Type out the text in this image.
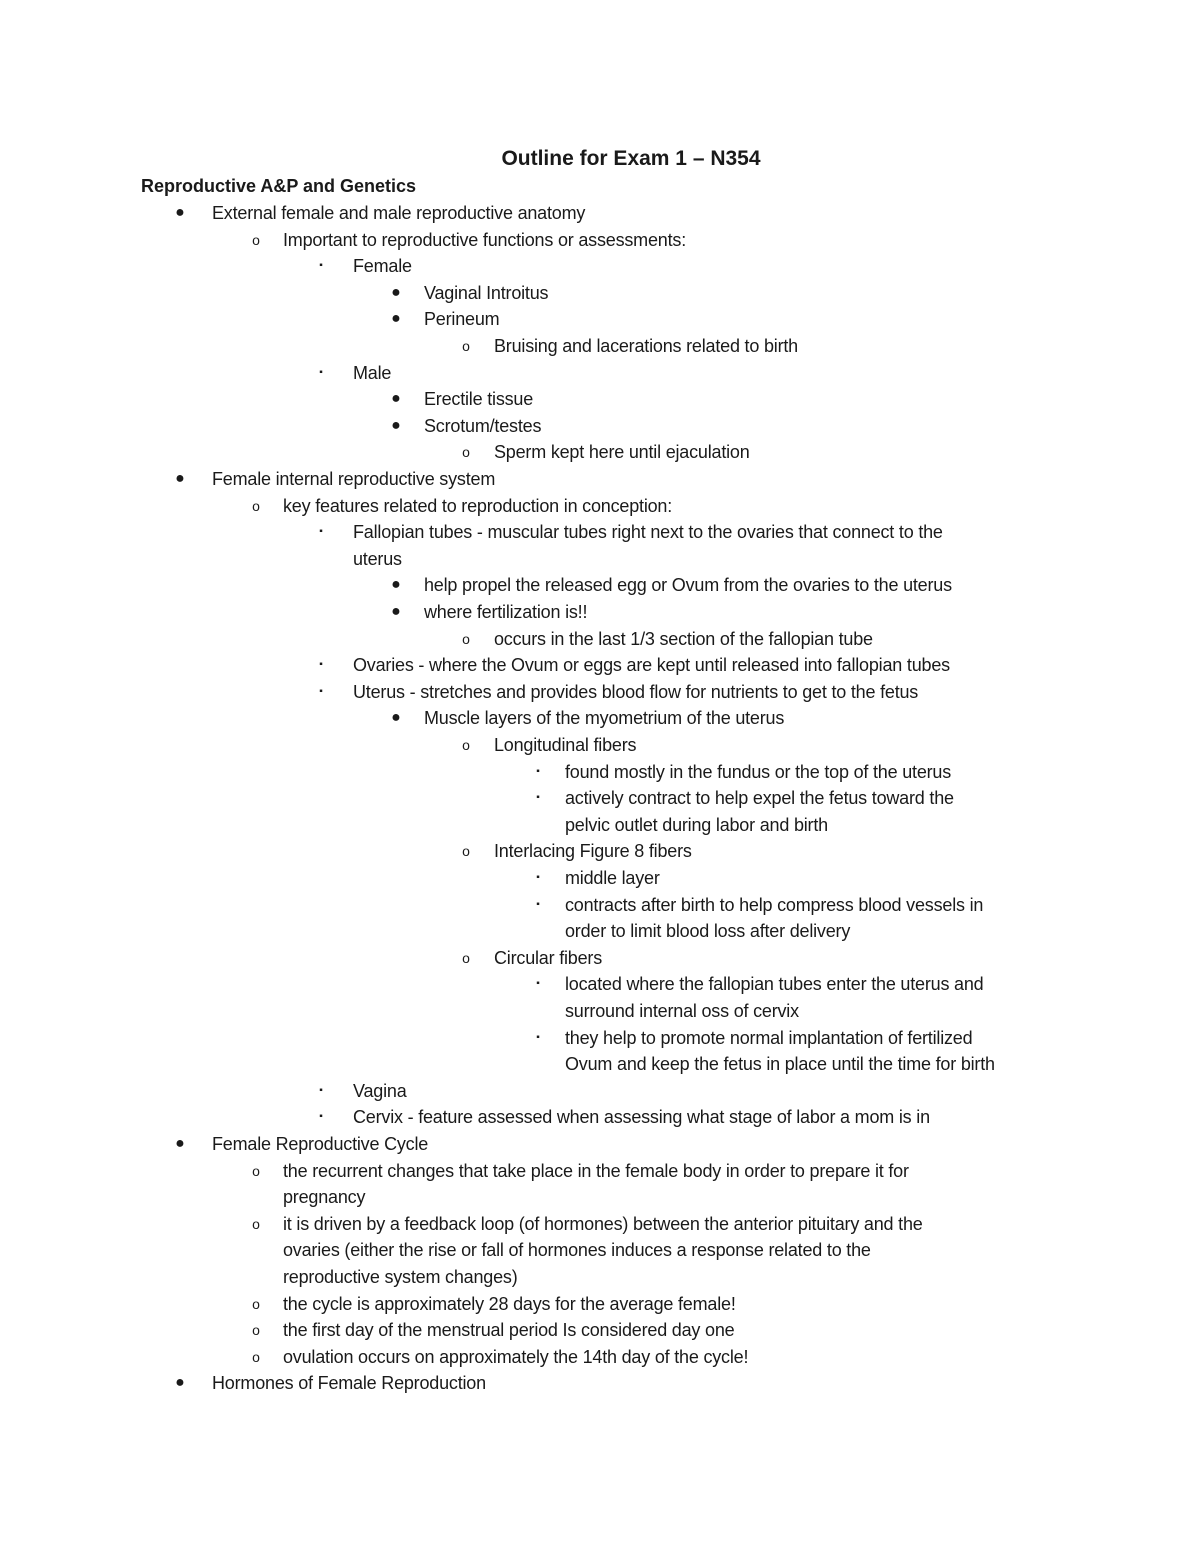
Outline for Exam 1 – N354
Reproductive A&P and Genetics
● External female and male reproductive anatomy
o	Important to reproductive functions or assessments:
▪	Female
● Vaginal Introitus
● Perineum
o	Bruising and lacerations related to birth
▪	Male
● Erectile tissue
● Scrotum/testes
o	Sperm kept here until ejaculation
● Female internal reproductive system
o	key features related to reproduction in conception:
▪	Fallopian tubes - muscular tubes right next to the ovaries that connect to the
uterus
● help propel the released egg or Ovum from the ovaries to the uterus
● where fertilization is!!
o	occurs in the last 1/3 section of the fallopian tube
▪	Ovaries - where the Ovum or eggs are kept until released into fallopian tubes
▪	Uterus - stretches and provides blood flow for nutrients to get to the fetus
● Muscle layers of the myometrium of the uterus
o	Longitudinal fibers
▪	found mostly in the fundus or the top of the uterus
▪	actively contract to help expel the fetus toward the
pelvic outlet during labor and birth
o	Interlacing Figure 8 fibers
▪	middle layer
▪	contracts after birth to help compress blood vessels in
order to limit blood loss after delivery
o	Circular fibers
▪	located where the fallopian tubes enter the uterus and
surround internal oss of cervix
▪	they help to promote normal implantation of fertilized
Ovum and keep the fetus in place until the time for birth
▪	Vagina
▪	Cervix - feature assessed when assessing what stage of labor a mom is in
● Female Reproductive Cycle
o	the recurrent changes that take place in the female body in order to prepare it for
pregnancy
o	it is driven by a feedback loop (of hormones) between the anterior pituitary and the
ovaries (either the rise or fall of hormones induces a response related to the
reproductive system changes)
o	the cycle is approximately 28 days for the average female!
o	the first day of the menstrual period Is considered day one
o	ovulation occurs on approximately the 14th day of the cycle!
● Hormones of Female Reproduction
